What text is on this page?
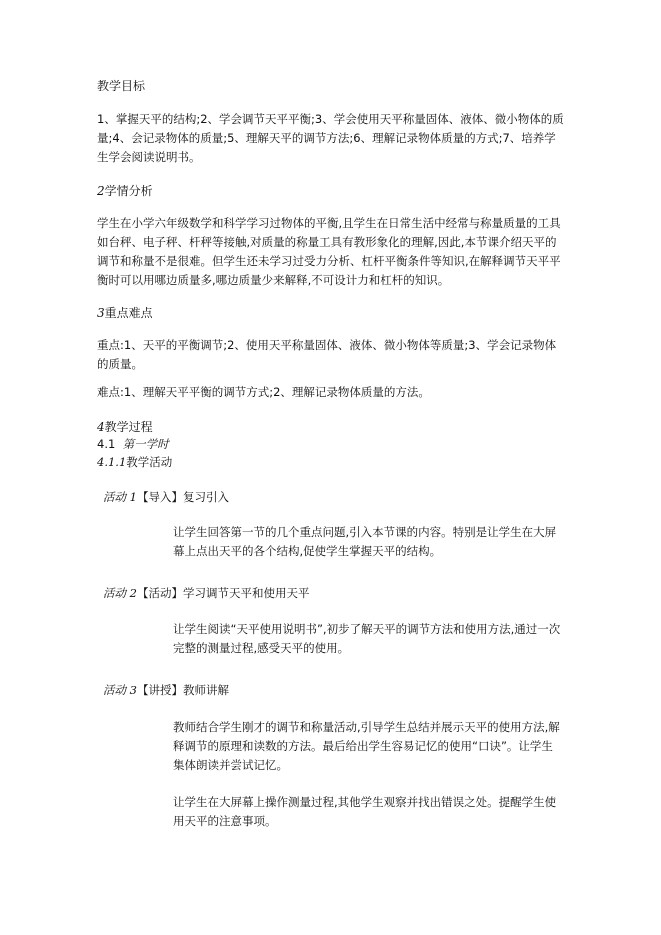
教学目标

1、掌握天平的结构;2、学会调节天平平衡;3、学会使用天平称量固体、液体、微小物体的质量;4、会记录物体的质量;5、理解天平的调节方法;6、理解记录物体质量的方式;7、培养学生学会阅读说明书。

2学情分析

学生在小学六年级数学和科学学习过物体的平衡,且学生在日常生活中经常与称量质量的工具如台秤、电子秤、杆秤等接触,对质量的称量工具有教形象化的理解,因此,本节课介绍天平的调节和称量不是很难。但学生还未学习过受力分析、杠杆平衡条件等知识,在解释调节天平平衡时可以用哪边质量多,哪边质量少来解释,不可设计力和杠杆的知识。

3重点难点

重点:1、天平的平衡调节;2、使用天平称量固体、液体、微小物体等质量;3、学会记录物体的质量。

难点:1、理解天平平衡的调节方式;2、理解记录物体质量的方法。

4教学过程

4.1 第一学时

4.1.1教学活动

活动 1【导入】复习引入

让学生回答第一节的几个重点问题,引入本节课的内容。特别是让学生在大屏幕上点出天平的各个结构,促使学生掌握天平的结构。

活动 2【活动】学习调节天平和使用天平

让学生阅读“天平使用说明书”,初步了解天平的调节方法和使用方法,通过一次完整的测量过程,感受天平的使用。

活动 3【讲授】教师讲解

教师结合学生刚才的调节和称量活动,引导学生总结并展示天平的使用方法,解释调节的原理和读数的方法。最后给出学生容易记忆的使用“口诀”。让学生集体朗读并尝试记忆。

让学生在大屏幕上操作测量过程,其他学生观察并找出错误之处。提醒学生使用天平的注意事项。
